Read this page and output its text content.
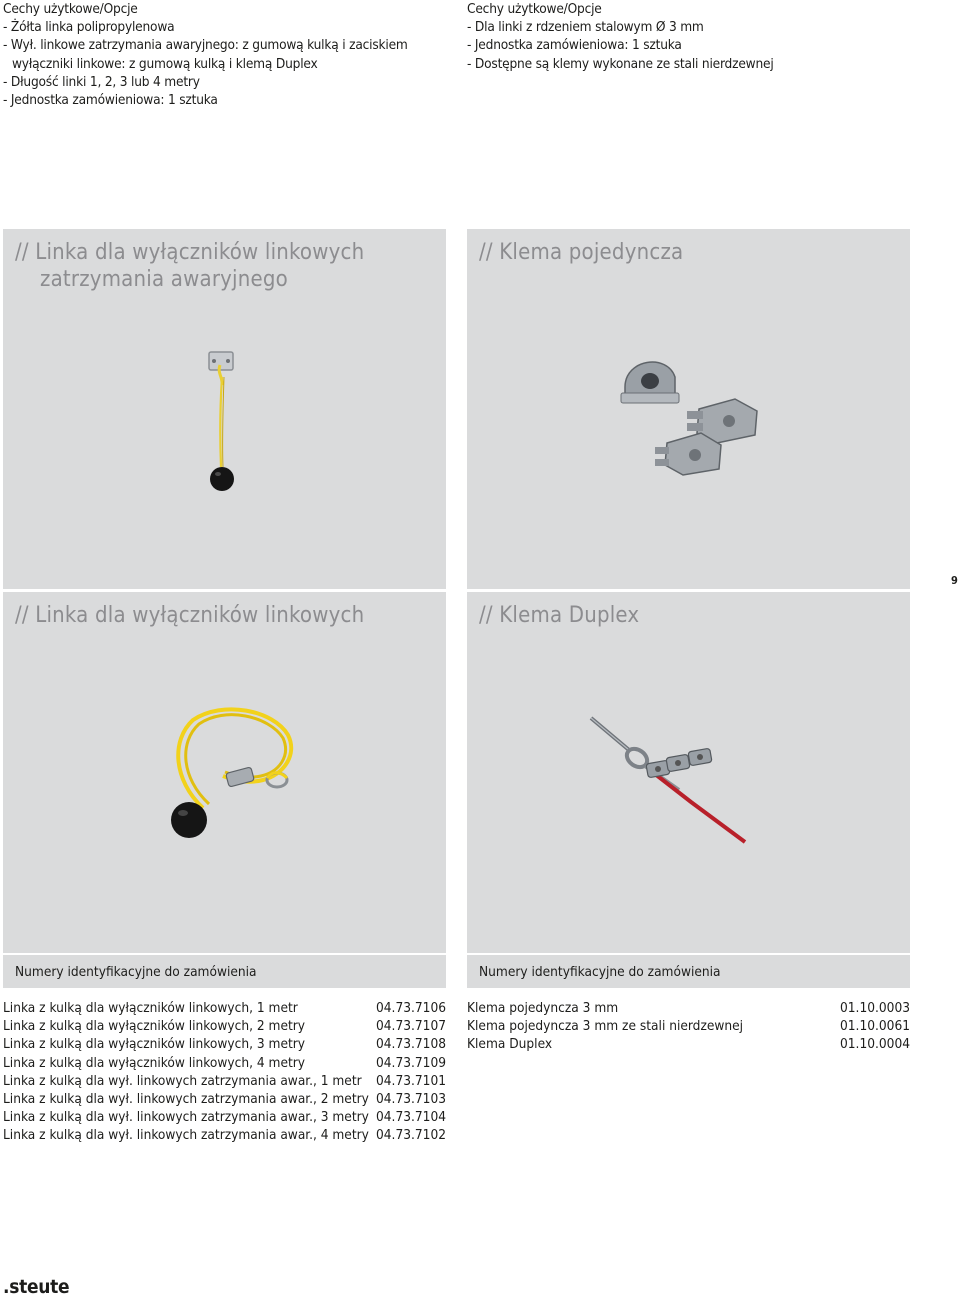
Cechy użytkowe/Opcje
- Żółta linka polipropylenowa
- Wył. linkowe zatrzymania awaryjnego: z gumową kulką i zaciskiem
wyłączniki linkowe: z gumową kulką i klemą Duplex
- Długość linki 1, 2, 3 lub 4 metry
- Jednostka zamówieniowa: 1 sztuka
Cechy użytkowe/Opcje
- Dla linki z rdzeniem stalowym Ø 3 mm
- Jednostka zamówieniowa: 1 sztuka
- Dostępne są klemy wykonane ze stali nierdzewnej
// Linka dla wyłączników linkowych
zatrzymania awaryjnego
// Klema pojedyncza
9
// Linka dla wyłączników linkowych	// Klema Duplex
Numery identyfikacyjne do zamówienia
Linka z kulką dla wyłączników linkowych, 1 metr	04.73.7106
Linka z kulką dla wyłączników linkowych, 2 metry	04.73.7107
Linka z kulką dla wyłączników linkowych, 3 metry	04.73.7108
Linka z kulką dla wyłączników linkowych, 4 metry	04.73.7109
Linka z kulką dla wył. linkowych zatrzymania awar., 1 metr	04.73.7101
Linka z kulką dla wył. linkowych zatrzymania awar., 2 metry	04.73.7103
Linka z kulką dla wył. linkowych zatrzymania awar., 3 metry	04.73.7104
Linka z kulką dla wył. linkowych zatrzymania awar., 4 metry	04.73.7102
Numery identyfikacyjne do zamówienia
Klema pojedyncza 3 mm	01.10.0003
Klema pojedyncza 3 mm ze stali nierdzewnej	01.10.0061
Klema Duplex	01.10.0004
.steute
